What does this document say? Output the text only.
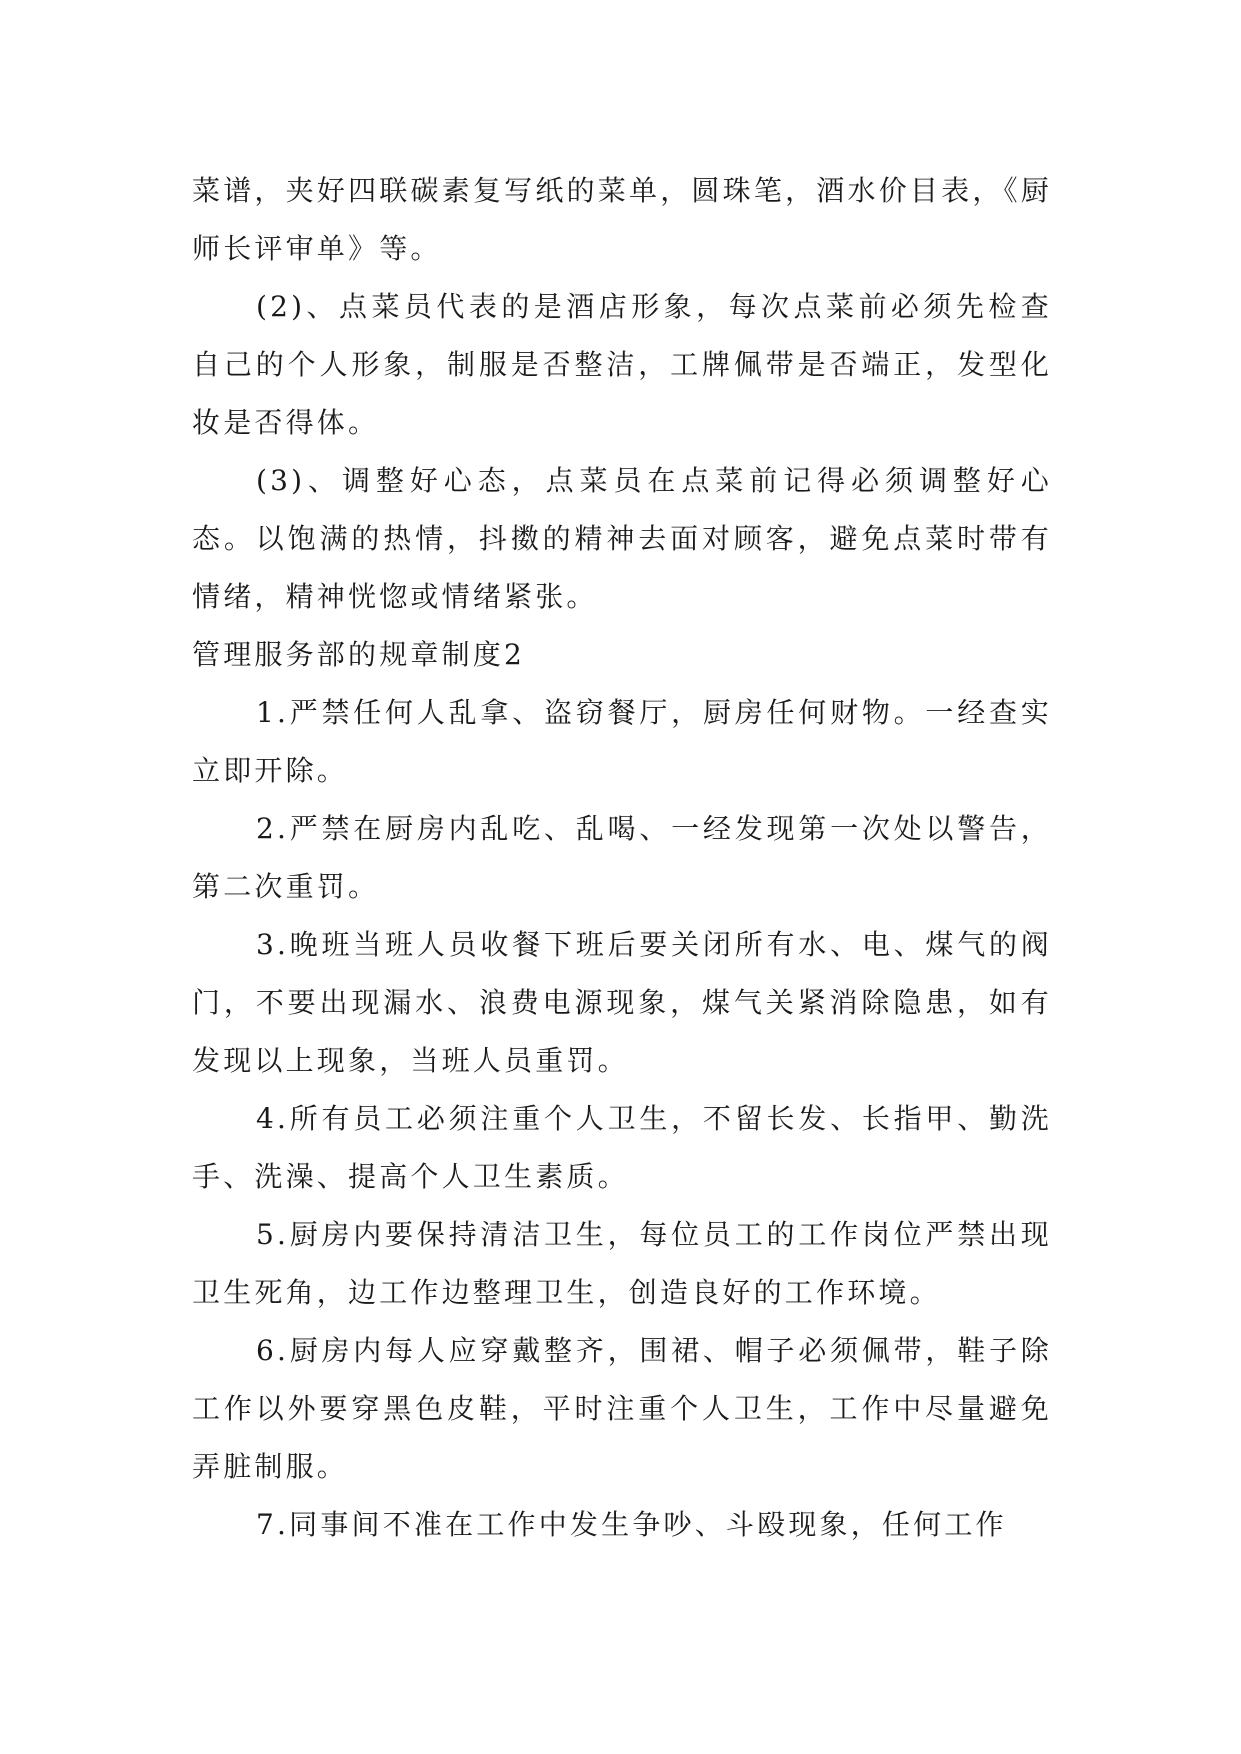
菜谱，夹好四联碳素复写纸的菜单，圆珠笔，酒水价目表，《厨师长评审单》等。

(2)、点菜员代表的是酒店形象，每次点菜前必须先检查自己的个人形象，制服是否整洁，工牌佩带是否端正，发型化妆是否得体。

(3)、调整好心态，点菜员在点菜前记得必须调整好心态。以饱满的热情，抖擞的精神去面对顾客，避免点菜时带有情绪，精神恍惚或情绪紧张。

管理服务部的规章制度2

1.严禁任何人乱拿、盗窃餐厅，厨房任何财物。一经查实立即开除。

2.严禁在厨房内乱吃、乱喝、一经发现第一次处以警告，第二次重罚。

3.晚班当班人员收餐下班后要关闭所有水、电、煤气的阀门，不要出现漏水、浪费电源现象，煤气关紧消除隐患，如有发现以上现象，当班人员重罚。

4.所有员工必须注重个人卫生，不留长发、长指甲、勤洗手、洗澡、提高个人卫生素质。

5.厨房内要保持清洁卫生，每位员工的工作岗位严禁出现卫生死角，边工作边整理卫生，创造良好的工作环境。

6.厨房内每人应穿戴整齐，围裙、帽子必须佩带，鞋子除工作以外要穿黑色皮鞋，平时注重个人卫生，工作中尽量避免弄脏制服。

7.同事间不准在工作中发生争吵、斗殴现象，任何工作
